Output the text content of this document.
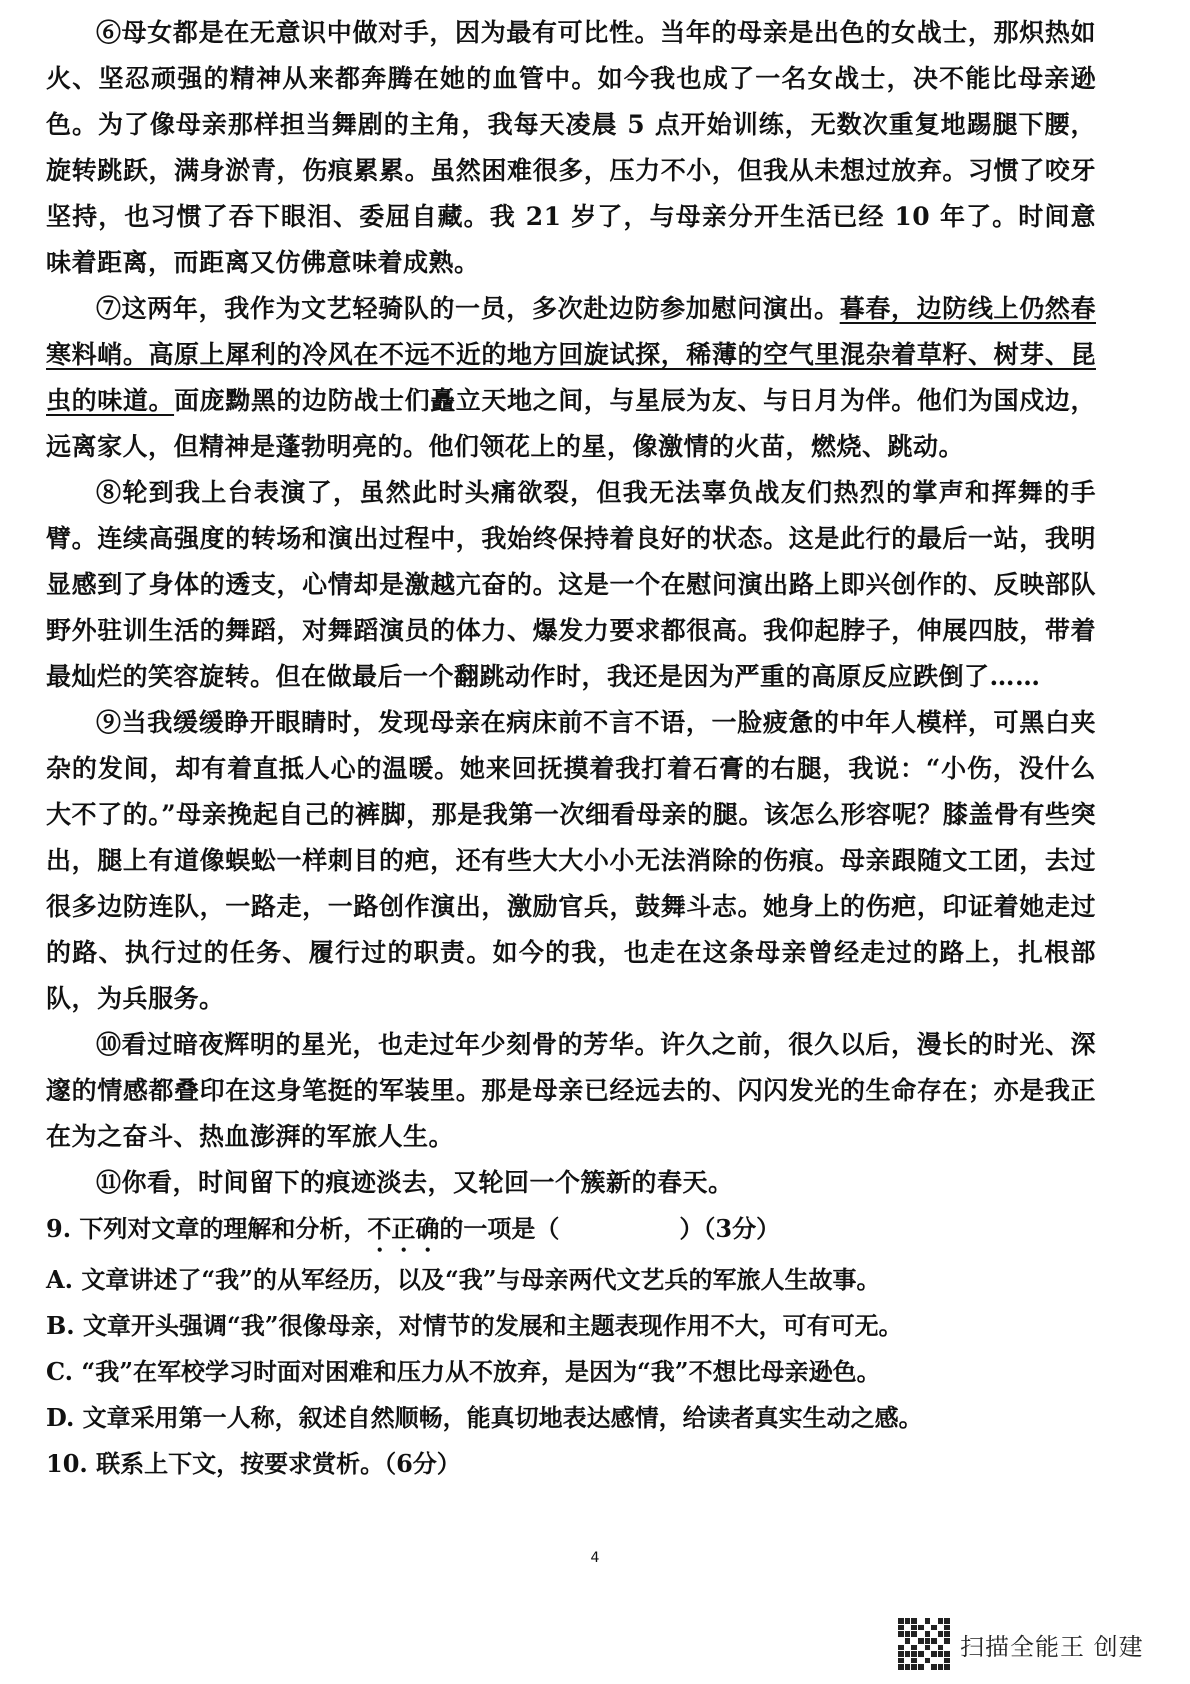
⑥母女都是在无意识中做对手，因为最有可比性。当年的母亲是出色的女战士，那炽热如火、坚忍顽强的精神从来都奔腾在她的血管中。如今我也成了一名女战士，决不能比母亲逊色。为了像母亲那样担当舞剧的主角，我每天凌晨 5 点开始训练，无数次重复地踢腿下腰，旋转跳跃，满身淤青，伤痕累累。虽然困难很多，压力不小，但我从未想过放弃。习惯了咬牙坚持，也习惯了吞下眼泪、委屈自藏。我 21 岁了，与母亲分开生活已经 10 年了。时间意味着距离，而距离又仿佛意味着成熟。

⑦这两年，我作为文艺轻骑队的一员，多次赴边防参加慰问演出。暮春，边防线上仍然春寒料峭。高原上犀利的冷风在不远不近的地方回旋试探，稀薄的空气里混杂着草籽、树芽、昆虫的味道。面庞黝黑的边防战士们矗立天地之间，与星辰为友、与日月为伴。他们为国戍边，远离家人，但精神是蓬勃明亮的。他们领花上的星，像激情的火苗，燃烧、跳动。

⑧轮到我上台表演了，虽然此时头痛欲裂，但我无法辜负战友们热烈的掌声和挥舞的手臂。连续高强度的转场和演出过程中，我始终保持着良好的状态。这是此行的最后一站，我明显感到了身体的透支，心情却是激越亢奋的。这是一个在慰问演出路上即兴创作的、反映部队野外驻训生活的舞蹈，对舞蹈演员的体力、爆发力要求都很高。我仰起脖子，伸展四肢，带着最灿烂的笑容旋转。但在做最后一个翻跳动作时，我还是因为严重的高原反应跌倒了……

⑨当我缓缓睁开眼睛时，发现母亲在病床前不言不语，一脸疲惫的中年人模样，可黑白夹杂的发间，却有着直抵人心的温暖。她来回抚摸着我打着石膏的右腿，我说：“小伤，没什么大不了的。”母亲挽起自己的裤脚，那是我第一次细看母亲的腿。该怎么形容呢？膝盖骨有些突出，腿上有道像蜈蚣一样刺目的疤，还有些大大小小无法消除的伤痕。母亲跟随文工团，去过很多边防连队，一路走，一路创作演出，激励官兵，鼓舞斗志。她身上的伤疤，印证着她走过的路、执行过的任务、履行过的职责。如今的我，也走在这条母亲曾经走过的路上，扎根部队，为兵服务。

⑩看过暗夜辉明的星光，也走过年少刻骨的芳华。许久之前，很久以后，漫长的时光、深邃的情感都叠印在这身笔挺的军装里。那是母亲已经远去的、闪闪发光的生命存在；亦是我正在为之奋斗、热血澎湃的军旅人生。

⑪你看，时间留下的痕迹淡去，又轮回一个簇新的春天。

9. 下列对文章的理解和分析，不正确的一项是（	）（3分）

A. 文章讲述了“我”的从军经历，以及“我”与母亲两代文艺兵的军旅人生故事。

B. 文章开头强调“我”很像母亲，对情节的发展和主题表现作用不大，可有可无。

C. “我”在军校学习时面对困难和压力从不放弃，是因为“我”不想比母亲逊色。

D. 文章采用第一人称，叙述自然顺畅，能真切地表达感情，给读者真实生动之感。

10. 联系上下文，按要求赏析。（6分）

4
扫描全能王 创建
